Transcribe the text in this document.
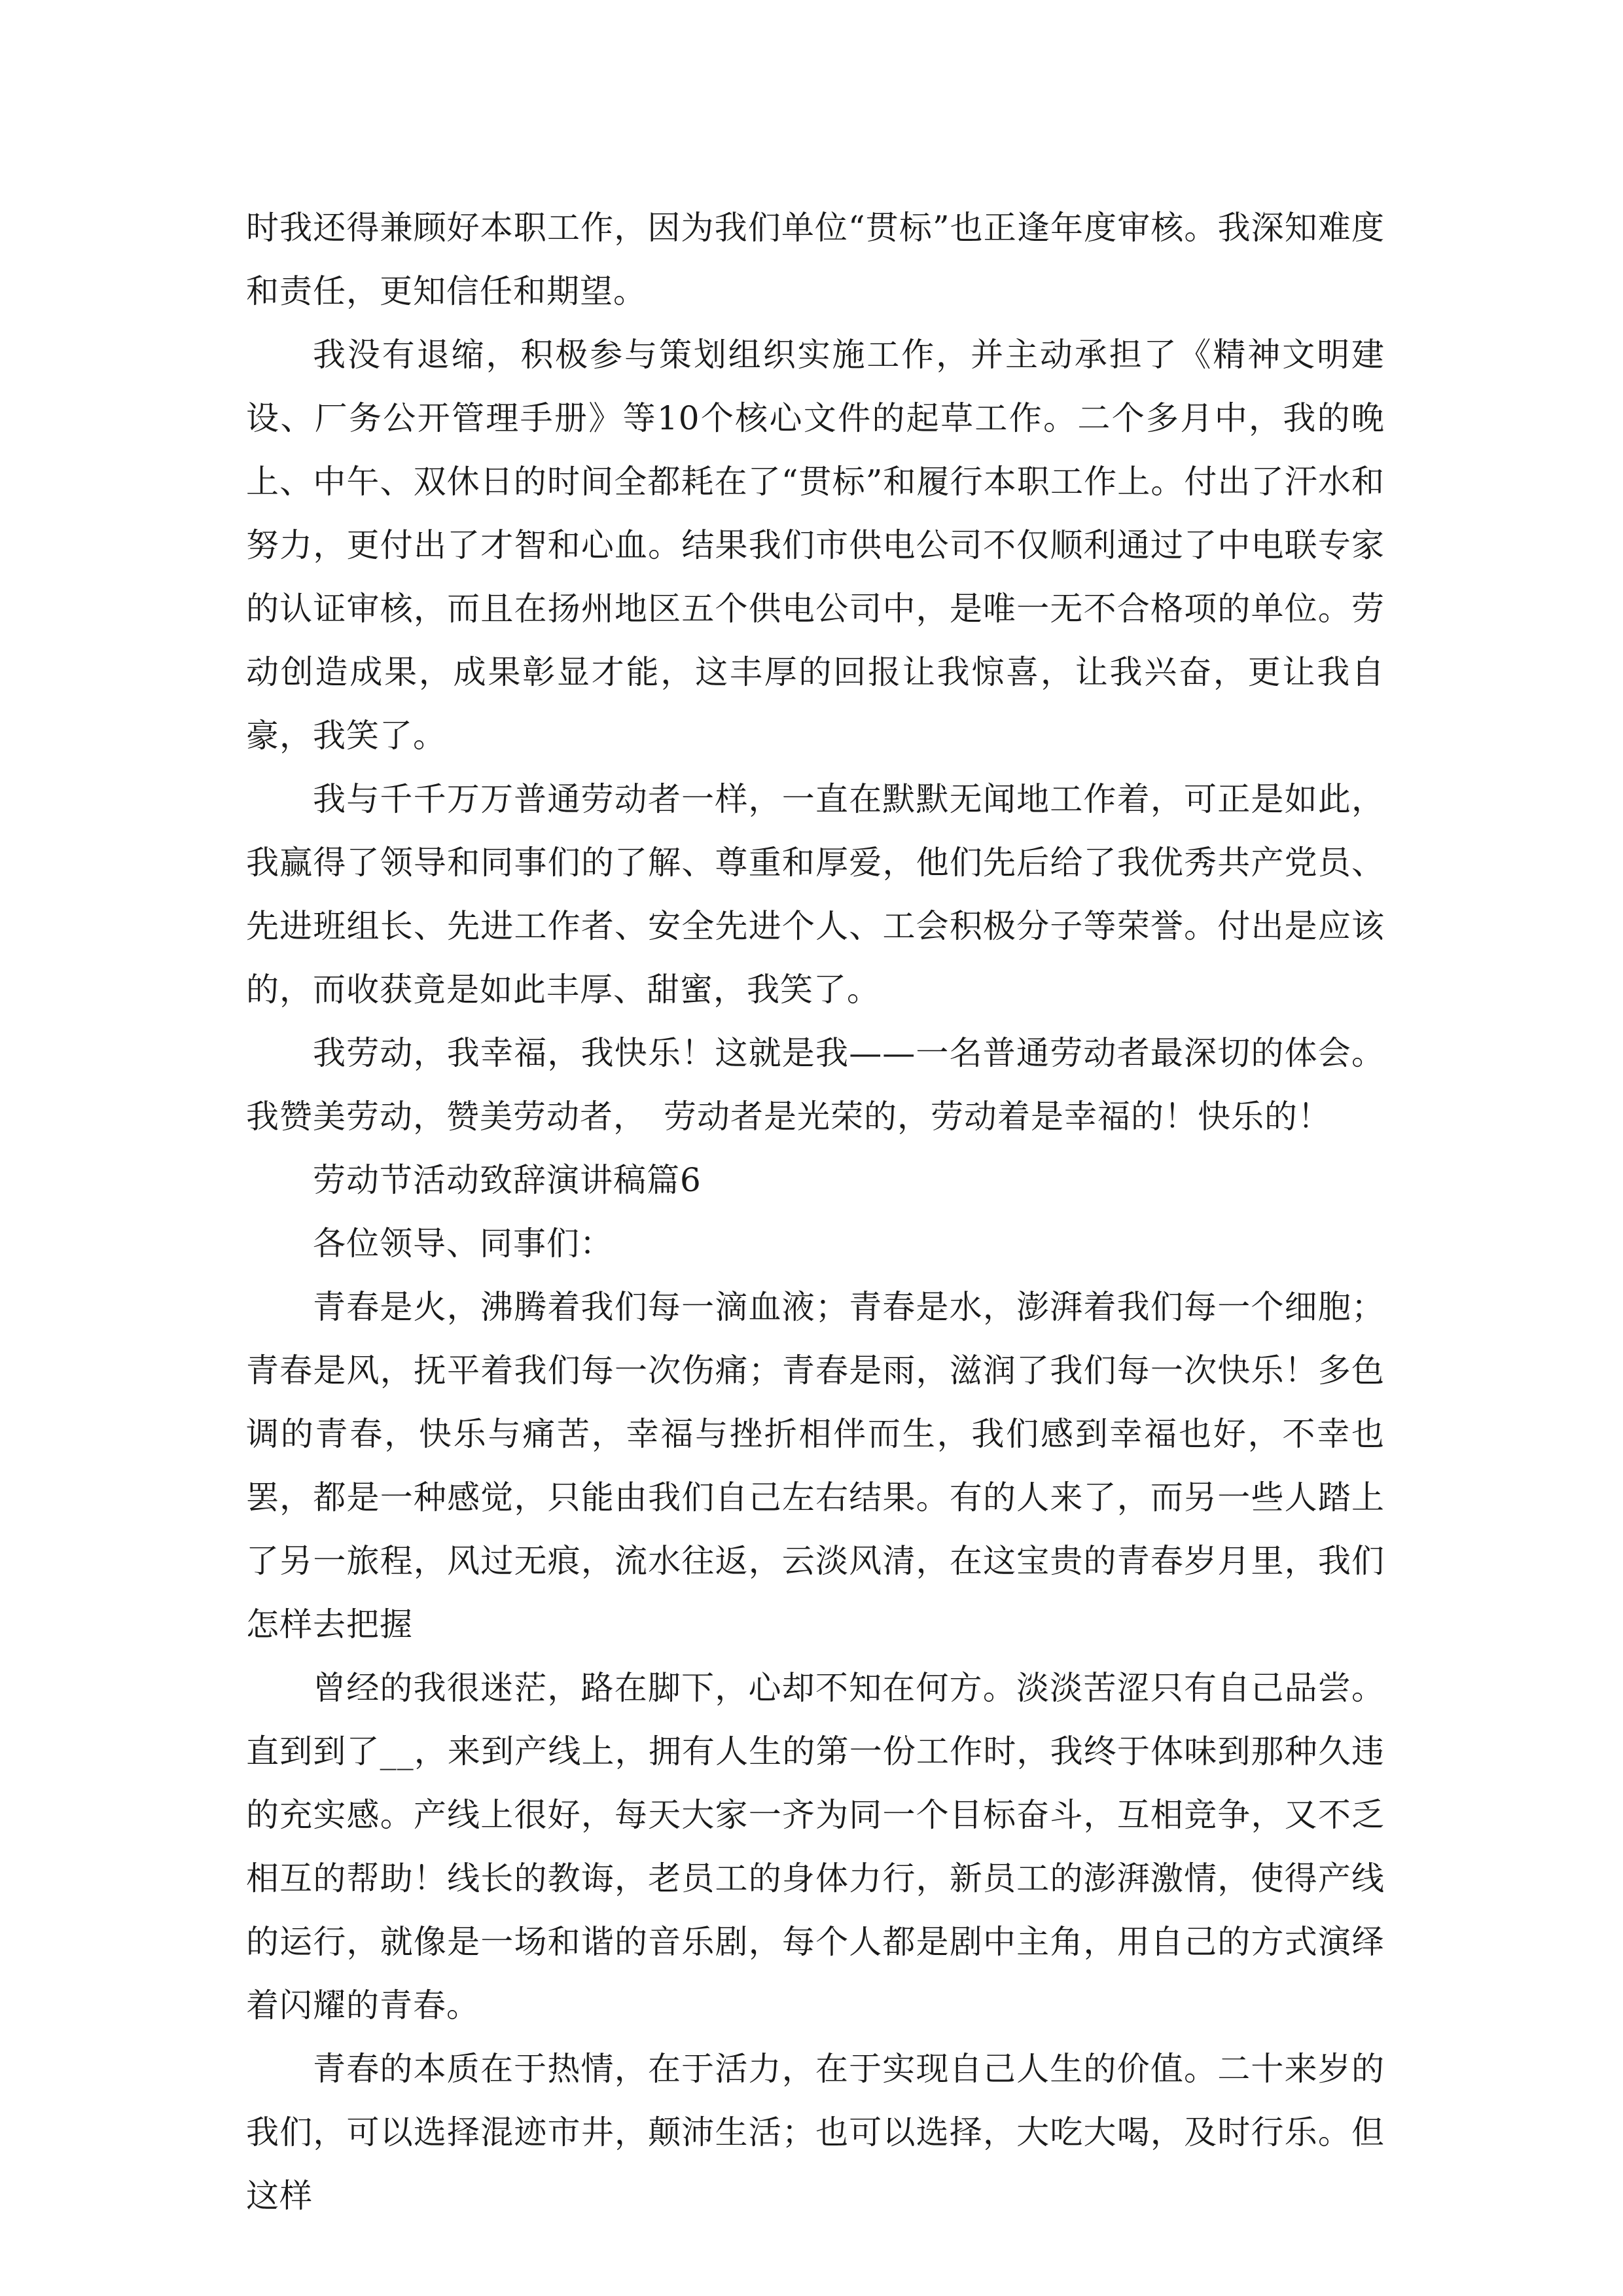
时我还得兼顾好本职工作，因为我们单位“贯标”也正逢年度审核。我深知难度和责任，更知信任和期望。

我没有退缩，积极参与策划组织实施工作，并主动承担了《精神文明建设、厂务公开管理手册》等10个核心文件的起草工作。二个多月中，我的晚上、中午、双休日的时间全都耗在了“贯标”和履行本职工作上。付出了汗水和努力，更付出了才智和心血。结果我们市供电公司不仅顺利通过了中电联专家的认证审核，而且在扬州地区五个供电公司中，是唯一无不合格项的单位。劳动创造成果，成果彰显才能，这丰厚的回报让我惊喜，让我兴奋，更让我自豪，我笑了。

我与千千万万普通劳动者一样，一直在默默无闻地工作着，可正是如此，我赢得了领导和同事们的了解、尊重和厚爱，他们先后给了我优秀共产党员、先进班组长、先进工作者、安全先进个人、工会积极分子等荣誉。付出是应该的，而收获竟是如此丰厚、甜蜜，我笑了。

我劳动，我幸福，我快乐！这就是我——一名普通劳动者最深切的体会。我赞美劳动，赞美劳动者，　劳动者是光荣的，劳动着是幸福的！快乐的！

劳动节活动致辞演讲稿篇6

各位领导、同事们：

青春是火，沸腾着我们每一滴血液；青春是水，澎湃着我们每一个细胞；青春是风，抚平着我们每一次伤痛；青春是雨，滋润了我们每一次快乐！多色调的青春，快乐与痛苦，幸福与挫折相伴而生，我们感到幸福也好，不幸也罢，都是一种感觉，只能由我们自己左右结果。有的人来了，而另一些人踏上了另一旅程，风过无痕，流水往返，云淡风清，在这宝贵的青春岁月里，我们怎样去把握

曾经的我很迷茫，路在脚下，心却不知在何方。淡淡苦涩只有自己品尝。直到到了__，来到产线上，拥有人生的第一份工作时，我终于体味到那种久违的充实感。产线上很好，每天大家一齐为同一个目标奋斗，互相竞争，又不乏相互的帮助！线长的教诲，老员工的身体力行，新员工的澎湃激情，使得产线的运行，就像是一场和谐的音乐剧，每个人都是剧中主角，用自己的方式演绎着闪耀的青春。

青春的本质在于热情，在于活力，在于实现自己人生的价值。二十来岁的我们，可以选择混迹市井，颠沛生活；也可以选择，大吃大喝，及时行乐。但这样
